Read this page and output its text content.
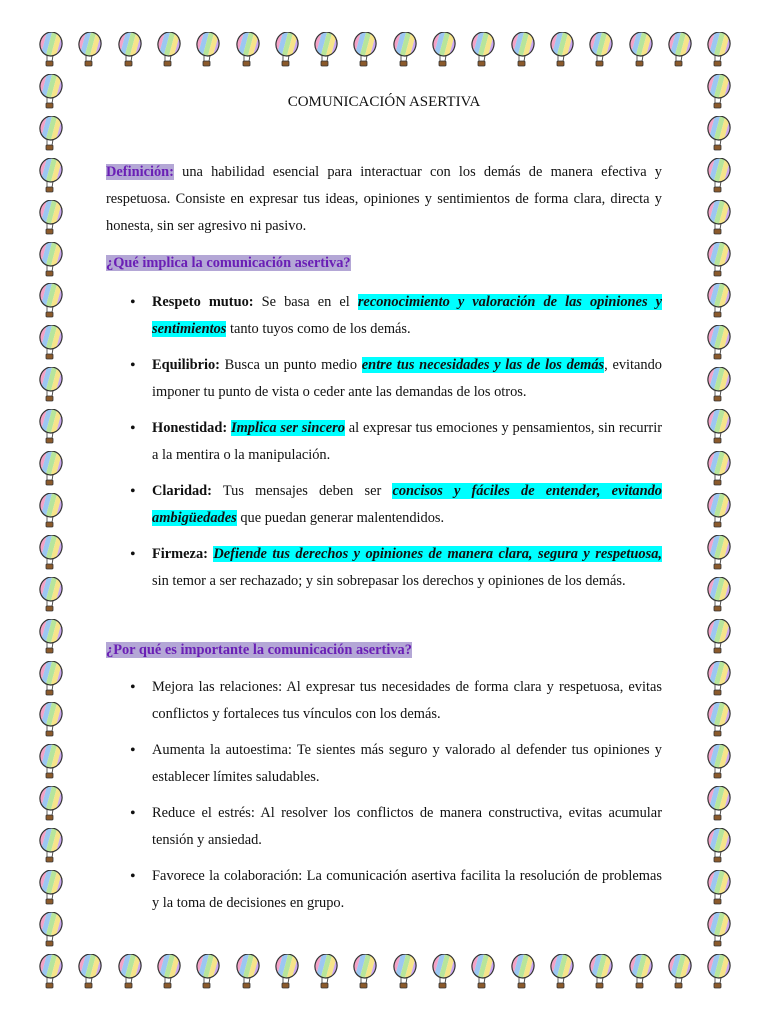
COMUNICACIÓN ASERTIVA

Definición: una habilidad esencial para interactuar con los demás de manera efectiva y respetuosa. Consiste en expresar tus ideas, opiniones y sentimientos de forma clara, directa y honesta, sin ser agresivo ni pasivo.

¿Qué implica la comunicación asertiva?

• Respeto mutuo: Se basa en el reconocimiento y valoración de las opiniones y sentimientos tanto tuyos como de los demás.
• Equilibrio: Busca un punto medio entre tus necesidades y las de los demás, evitando imponer tu punto de vista o ceder ante las demandas de los otros.
• Honestidad: Implica ser sincero al expresar tus emociones y pensamientos, sin recurrir a la mentira o la manipulación.
• Claridad: Tus mensajes deben ser concisos y fáciles de entender, evitando ambigüedades que puedan generar malentendidos.
• Firmeza: Defiende tus derechos y opiniones de manera clara, segura y respetuosa, sin temor a ser rechazado; y sin sobrepasar los derechos y opiniones de los demás.

¿Por qué es importante la comunicación asertiva?

• Mejora las relaciones: Al expresar tus necesidades de forma clara y respetuosa, evitas conflictos y fortaleces tus vínculos con los demás.
• Aumenta la autoestima: Te sientes más seguro y valorado al defender tus opiniones y establecer límites saludables.
• Reduce el estrés: Al resolver los conflictos de manera constructiva, evitas acumular tensión y ansiedad.
• Favorece la colaboración: La comunicación asertiva facilita la resolución de problemas y la toma de decisiones en grupo.
